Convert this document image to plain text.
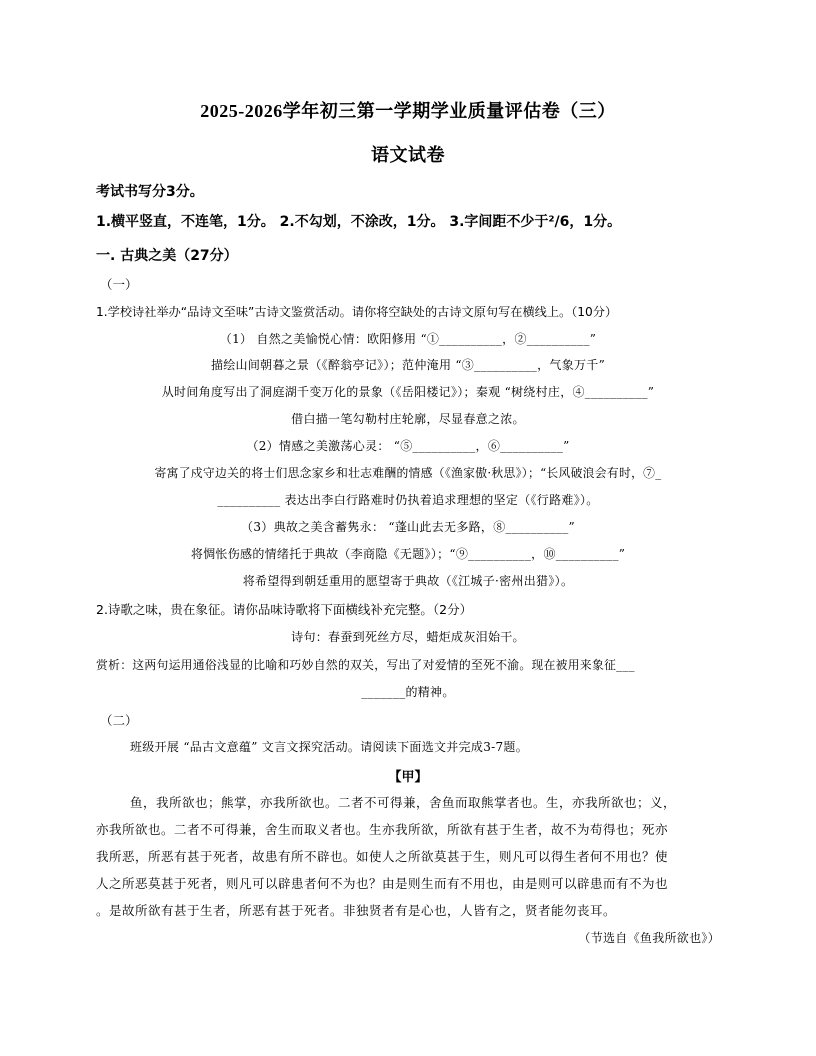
2025-2026学年初三第一学期学业质量评估卷（三）
语文试卷
考试书写分3分。
1.横平竖直，不连笔，1分。 2.不勾划，不涂改，1分。 3.字间距不少于²/6，1分。
一. 古典之美（27分）
（一）
1.学校诗社举办“品诗文至味”古诗文鉴赏活动。请你将空缺处的古诗文原句写在横线上。（10分）
（1） 自然之美愉悦心情：欧阳修用 “①__________，②__________”
描绘山间朝暮之景（《醉翁亭记》）；范仲淹用 “③__________，气象万千”
从时间角度写出了洞庭湖千变万化的景象（《岳阳楼记》）；秦观 “树绕村庄，④__________”
借白描一笔勾勒村庄轮廓，尽显春意之浓。
（2）情感之美激荡心灵： “⑤__________，⑥__________”
寄寓了戍守边关的将士们思念家乡和壮志难酬的情感（《渔家傲·秋思》）；“长风破浪会有时，⑦_
__________ 表达出李白行路难时仍执着追求理想的坚定（《行路难》）。
（3）典故之美含蓄隽永： “蓬山此去无多路，⑧__________”
将惆怅伤感的情绪托于典故（李商隐《无题》）；“⑨__________，⑩__________”
将希望得到朝廷重用的愿望寄于典故（《江城子·密州出猎》）。
2.诗歌之味，贵在象征。请你品味诗歌将下面横线补充完整。（2分）
诗句：春蚕到死丝方尽，蜡炬成灰泪始干。
赏析：这两句运用通俗浅显的比喻和巧妙自然的双关，写出了对爱情的至死不渝。现在被用来象征___
_______的精神。
（二）
班级开展 “品古文意蕴” 文言文探究活动。请阅读下面选文并完成3-7题。
【甲】
鱼，我所欲也；熊掌，亦我所欲也。二者不可得兼，舍鱼而取熊掌者也。生，亦我所欲也；义，
亦我所欲也。二者不可得兼，舍生而取义者也。生亦我所欲，所欲有甚于生者，故不为苟得也；死亦
我所恶，所恶有甚于死者，故患有所不辟也。如使人之所欲莫甚于生，则凡可以得生者何不用也？使
人之所恶莫甚于死者，则凡可以辟患者何不为也？由是则生而有不用也，由是则可以辟患而有不为也
。是故所欲有甚于生者，所恶有甚于死者。非独贤者有是心也，人皆有之，贤者能勿丧耳。
（节选自《鱼我所欲也》）
